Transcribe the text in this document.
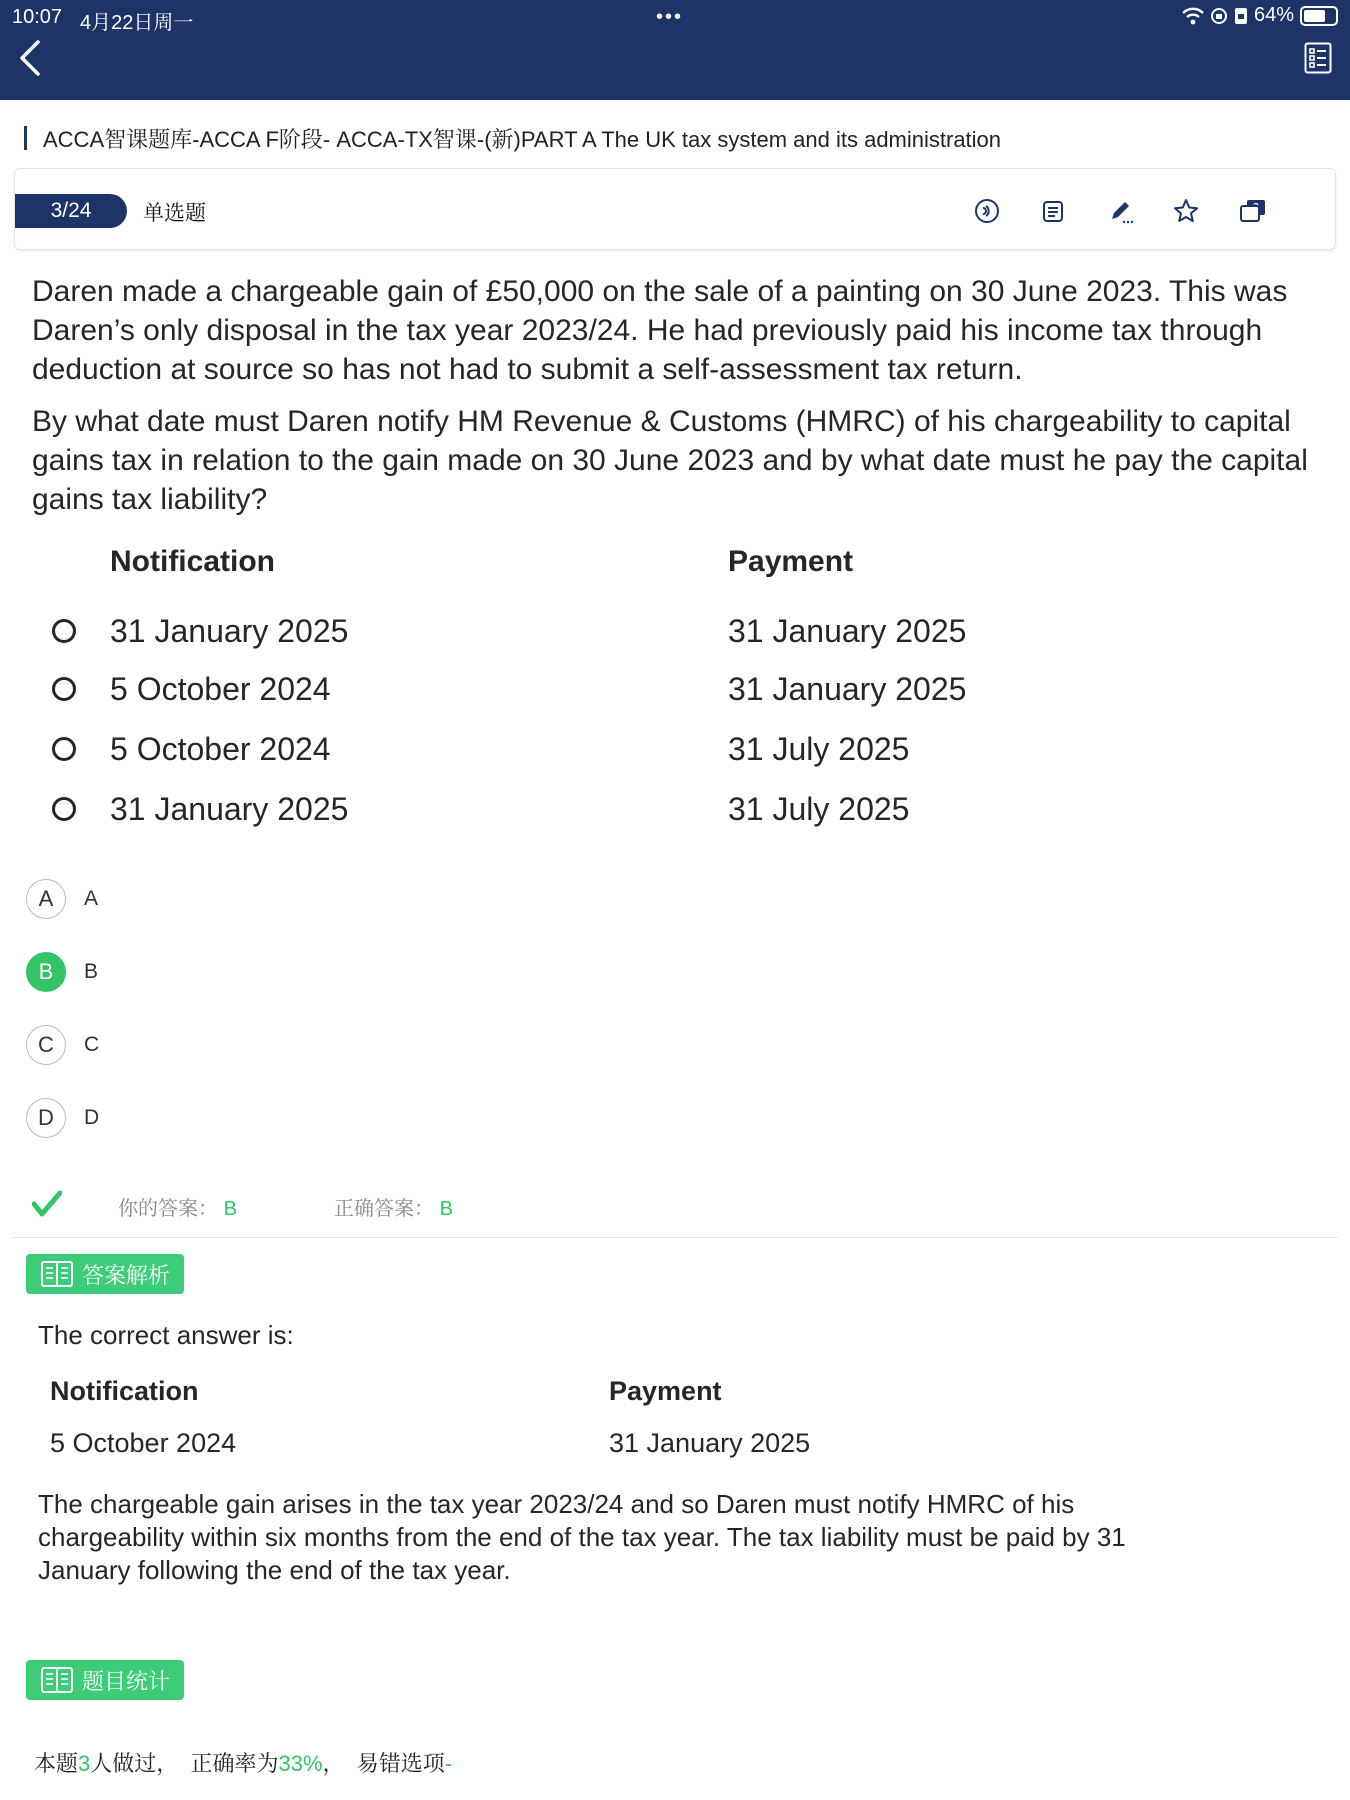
10:07 4月22日周一	•••	64%
ACCA智课题库-ACCA F阶段- ACCA-TX智课-(新)PART A The UK tax system and its administration
3/24	单选题

Daren made a chargeable gain of £50,000 on the sale of a painting on 30 June 2023. This was Daren’s only disposal in the tax year 2023/24. He had previously paid his income tax through deduction at source so has not had to submit a self-assessment tax return.

By what date must Daren notify HM Revenue & Customs (HMRC) of his chargeability to capital gains tax in relation to the gain made on 30 June 2023 and by what date must he pay the capital gains tax liability?

Notification	Payment
31 January 2025	31 January 2025
5 October 2024	31 January 2025
5 October 2024	31 July 2025
31 January 2025	31 July 2025
A	A
B	B
C	C
D	D
你的答案： B	正确答案： B
答案解析
The correct answer is:
Notification	Payment
5 October 2024	31 January 2025
The chargeable gain arises in the tax year 2023/24 and so Daren must notify HMRC of his chargeability within six months from the end of the tax year. The tax liability must be paid by 31 January following the end of the tax year.
题目统计
本题3人做过，  正确率为33%，  易错选项-
